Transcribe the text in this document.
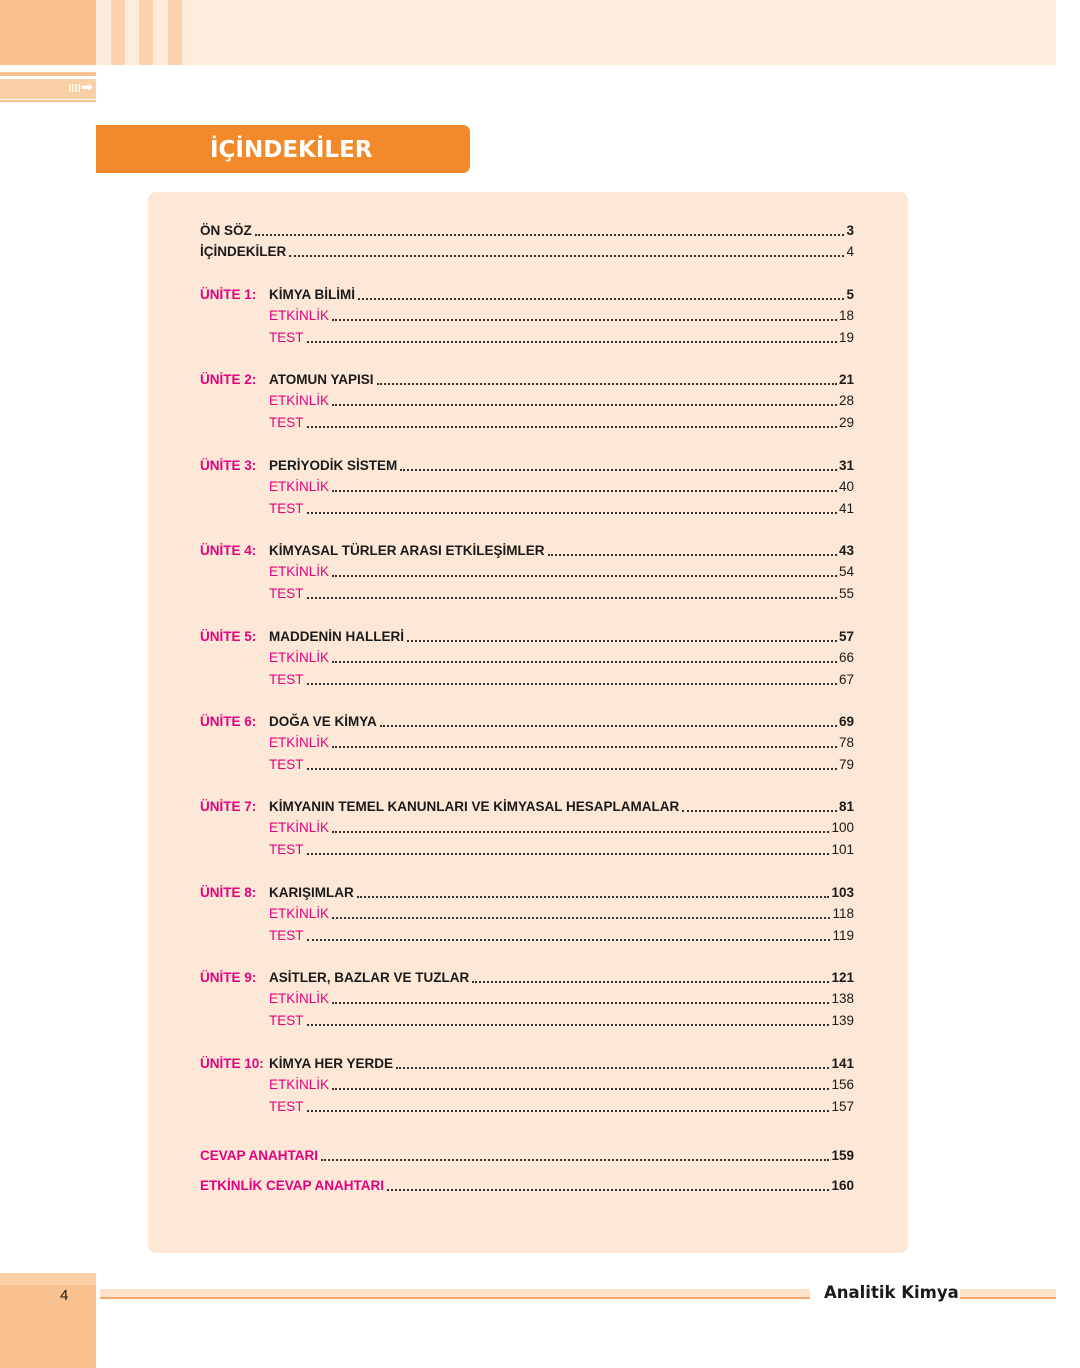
ıııı➡
İÇİNDEKİLER
ÖN SÖZ	3
İÇİNDEKİLER	4
ÜNİTE 1: KİMYA BİLİMİ	5
ETKİNLİK	18
TEST	19
ÜNİTE 2: ATOMUN YAPISI	21
ETKİNLİK	28
TEST	29
ÜNİTE 3: PERİYODİK SİSTEM	31
ETKİNLİK	40
TEST	41
ÜNİTE 4: KİMYASAL TÜRLER ARASI ETKİLEŞİMLER	43
ETKİNLİK	54
TEST	55
ÜNİTE 5: MADDENİN HALLERİ	57
ETKİNLİK	66
TEST	67
ÜNİTE 6: DOĞA VE KİMYA	69
ETKİNLİK	78
TEST	79
ÜNİTE 7: KİMYANIN TEMEL KANUNLARI VE KİMYASAL HESAPLAMALAR	81
ETKİNLİK	100
TEST	101
ÜNİTE 8: KARIŞIMLAR	103
ETKİNLİK	118
TEST	119
ÜNİTE 9: ASİTLER, BAZLAR VE TUZLAR	121
ETKİNLİK	138
TEST	139
ÜNİTE 10: KİMYA HER YERDE	141
ETKİNLİK	156
TEST	157
CEVAP ANAHTARI	159
ETKİNLİK CEVAP ANAHTARI	160
4	Analitik Kimya
